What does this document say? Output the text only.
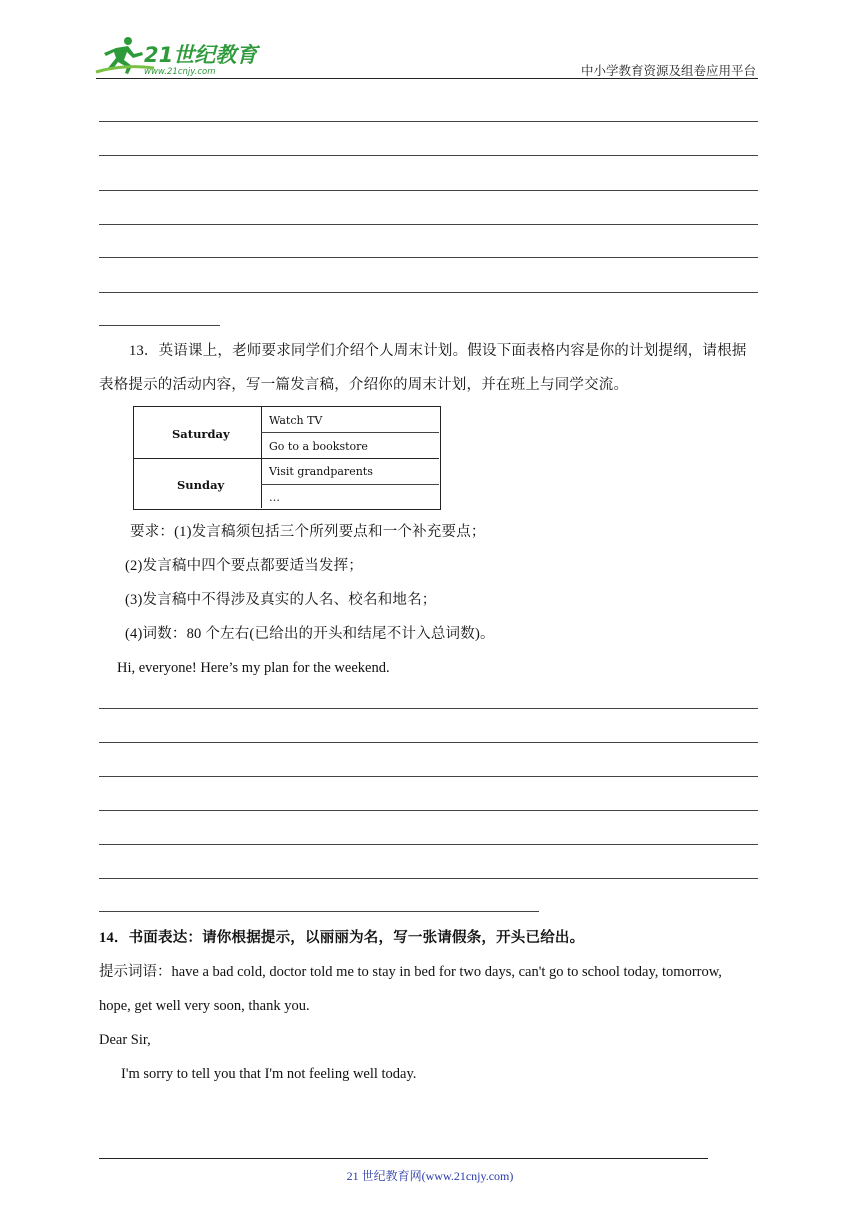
21世纪教育
www.21cnjy.com	中小学教育资源及组卷应用平台
13．英语课上，老师要求同学们介绍个人周末计划。假设下面表格内容是你的计划提纲，请根据
表格提示的活动内容，写一篇发言稿，介绍你的周末计划，并在班上与同学交流。
Saturday
Watch TV
Go to a bookstore
Sunday
Visit grandparents
…
要求：(1)发言稿须包括三个所列要点和一个补充要点；
(2)发言稿中四个要点都要适当发挥；
(3)发言稿中不得涉及真实的人名、校名和地名；
(4)词数：80 个左右(已给出的开头和结尾不计入总词数)。
Hi, everyone! Here’s my plan for the weekend.
14．书面表达：请你根据提示，以丽丽为名，写一张请假条，开头已给出。
提示词语：have a bad cold, doctor told me to stay in bed for two days, can't go to school today, tomorrow,
hope, get well very soon, thank you.
Dear Sir,
I'm sorry to tell you that I'm not feeling well today.
21 世纪教育网(www.21cnjy.com)
